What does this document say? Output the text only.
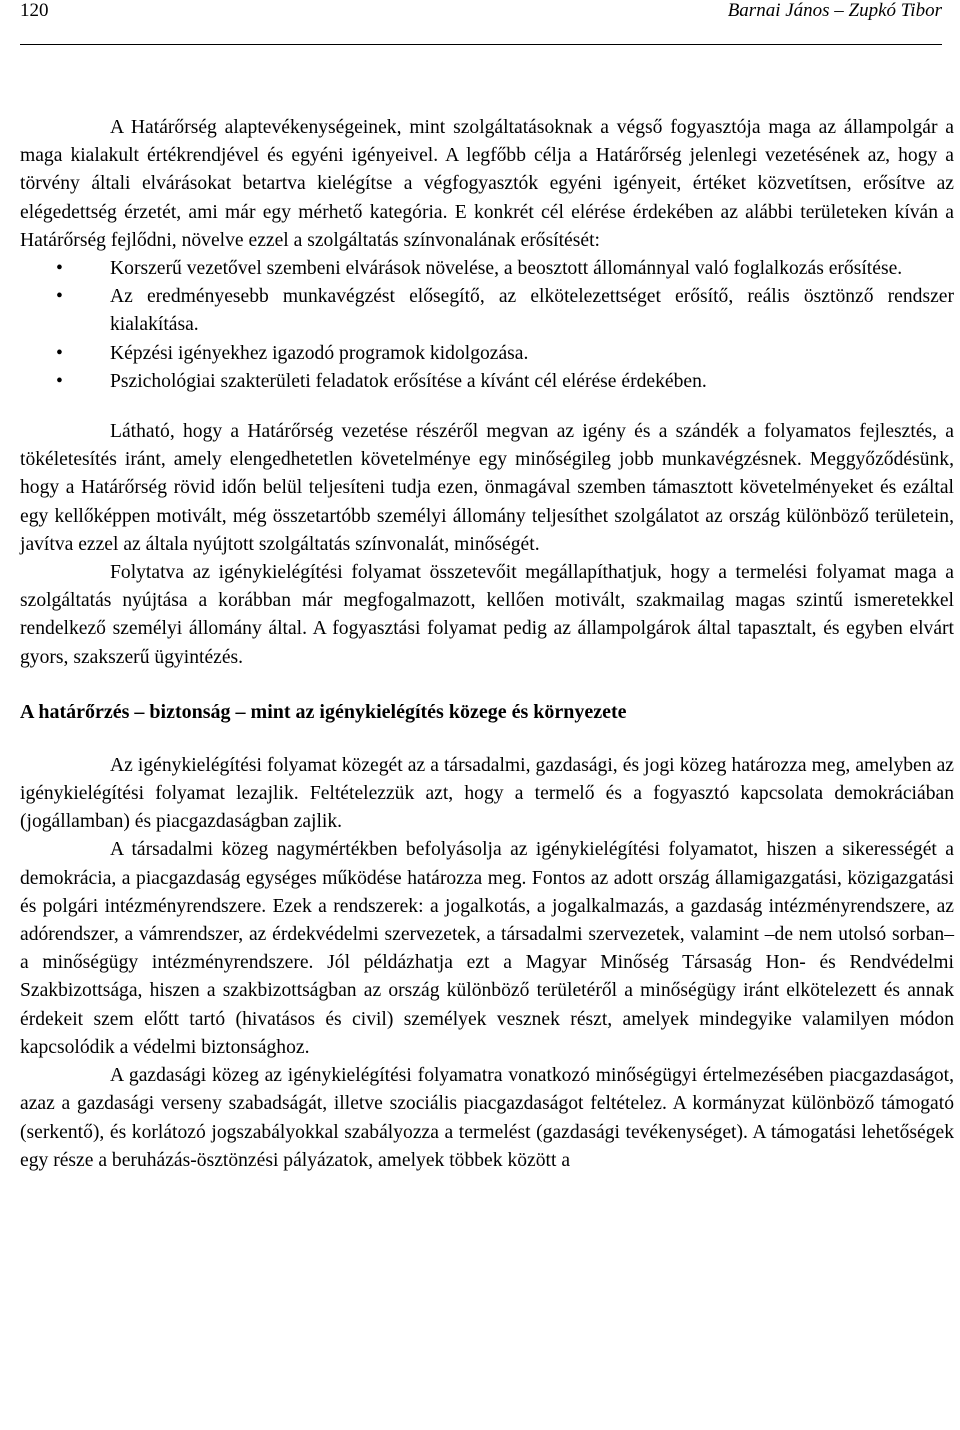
120	Barnai János – Zupkó Tibor

A Határőrség alaptevékenységeinek, mint szolgáltatásoknak a végső fogyasztója maga az állampolgár a maga kialakult értékrendjével és egyéni igényeivel. A legfőbb célja a Határőrség jelenlegi vezetésének az, hogy a törvény általi elvárásokat betartva kielégítse a végfogyasztók egyéni igényeit, értéket közvetítsen, erősítve az elégedettség érzetét, ami már egy mérhető kategória. E konkrét cél elérése érdekében az alábbi területeken kíván a Határőrség fejlődni, növelve ezzel a szolgáltatás színvonalának erősítését:

• Korszerű vezetővel szembeni elvárások növelése, a beosztott állománnyal való foglalkozás erősítése.
• Az eredményesebb munkavégzést elősegítő, az elkötelezettséget erősítő, reális ösztönző rendszer kialakítása.
• Képzési igényekhez igazodó programok kidolgozása.
• Pszichológiai szakterületi feladatok erősítése a kívánt cél elérése érdekében.

Látható, hogy a Határőrség vezetése részéről megvan az igény és a szándék a folyamatos fejlesztés, a tökéletesítés iránt, amely elengedhetetlen követelménye egy minőségileg jobb munkavégzésnek. Meggyőződésünk, hogy a Határőrség rövid időn belül teljesíteni tudja ezen, önmagával szemben támasztott követelményeket és ezáltal egy kellőképpen motivált, még összetartóbb személyi állomány teljesíthet szolgálatot az ország különböző területein, javítva ezzel az általa nyújtott szolgáltatás színvonalát, minőségét.

Folytatva az igénykielégítési folyamat összetevőit megállapíthatjuk, hogy a termelési folyamat maga a szolgáltatás nyújtása a korábban már megfogalmazott, kellően motivált, szakmailag magas szintű ismeretekkel rendelkező személyi állomány által. A fogyasztási folyamat pedig az állampolgárok által tapasztalt, és egyben elvárt gyors, szakszerű ügyintézés.

A határőrzés – biztonság – mint az igénykielégítés közege és környezete

Az igénykielégítési folyamat közegét az a társadalmi, gazdasági, és jogi közeg határozza meg, amelyben az igénykielégítési folyamat lezajlik. Feltételezzük azt, hogy a termelő és a fogyasztó kapcsolata demokráciában (jogállamban) és piacgazdaságban zajlik.

A társadalmi közeg nagymértékben befolyásolja az igénykielégítési folyamatot, hiszen a sikerességét a demokrácia, a piacgazdaság egységes működése határozza meg. Fontos az adott ország államigazgatási, közigazgatási és polgári intézményrendszere. Ezek a rendszerek: a jogalkotás, a jogalkalmazás, a gazdaság intézményrendszere, az adórendszer, a vámrendszer, az érdekvédelmi szervezetek, a társadalmi szervezetek, valamint –de nem utolsó sorban– a minőségügy intézményrendszere. Jól példázhatja ezt a Magyar Minőség Társaság Hon- és Rendvédelmi Szakbizottsága, hiszen a szakbizottságban az ország különböző területéről a minőségügy iránt elkötelezett és annak érdekeit szem előtt tartó (hivatásos és civil) személyek vesznek részt, amelyek mindegyike valamilyen módon kapcsolódik a védelmi biztonsághoz.

A gazdasági közeg az igénykielégítési folyamatra vonatkozó minőségügyi értelmezésében piacgazdaságot, azaz a gazdasági verseny szabadságát, illetve szociális piacgazdaságot feltételez. A kormányzat különböző támogató (serkentő), és korlátozó jogszabályokkal szabályozza a termelést (gazdasági tevékenységet). A támogatási lehetőségek egy része a beruházás-ösztönzési pályázatok, amelyek többek között a
